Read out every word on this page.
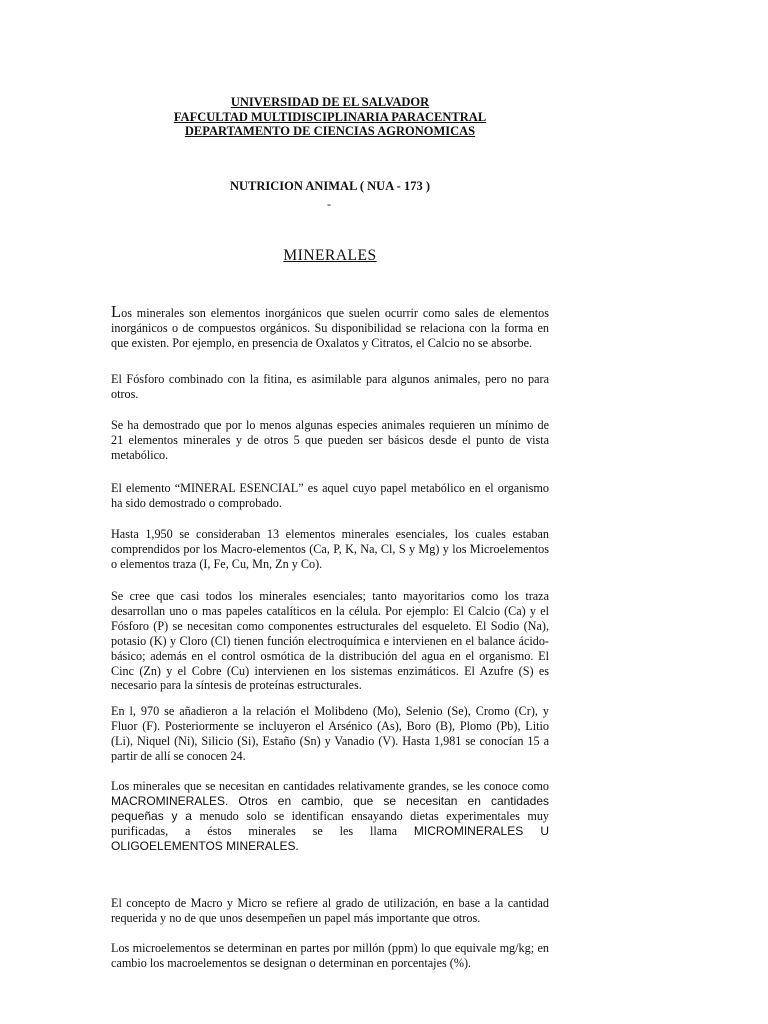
UNIVERSIDAD DE EL SALVADOR
FAFCULTAD MULTIDISCIPLINARIA PARACENTRAL
DEPARTAMENTO DE CIENCIAS AGRONOMICAS
NUTRICION ANIMAL ( NUA - 173 )
-
MINERALES

Los minerales son elementos inorgánicos que suelen ocurrir como sales de elementos inorgánicos o de compuestos orgánicos. Su disponibilidad se relaciona con la forma en que existen. Por ejemplo, en presencia de Oxalatos y Citratos, el Calcio no se absorbe.

El Fósforo combinado con la fitina, es asimilable para algunos animales, pero no para otros.

Se ha demostrado que por lo menos algunas especies animales requieren un mínimo de 21 elementos minerales y de otros 5 que pueden ser básicos desde el punto de vista metabólico.

El elemento “MINERAL ESENCIAL” es aquel cuyo papel metabólico en el organismo ha sido demostrado o comprobado.

Hasta 1,950 se consideraban 13 elementos minerales esenciales, los cuales estaban comprendidos por los Macro-elementos (Ca, P, K, Na, Cl, S y Mg) y los Microelementos o elementos traza (I, Fe, Cu, Mn, Zn y Co).

Se cree que casi todos los minerales esenciales; tanto mayoritarios como los traza desarrollan uno o mas papeles catalíticos en la célula. Por ejemplo: El Calcio (Ca) y el Fósforo (P) se necesitan como componentes estructurales del esqueleto. El Sodio (Na), potasio (K) y Cloro (Cl) tienen función electroquímica e intervienen en el balance ácido-básico; además en el control osmótica de la distribución del agua en el organismo. El Cinc (Zn) y el Cobre (Cu) intervienen en los sistemas enzimáticos. El Azufre (S) es necesario para la síntesis de proteínas estructurales.

En l, 970 se añadieron a la relación el Molibdeno (Mo), Selenio (Se), Cromo (Cr), y Fluor (F). Posteriormente se incluyeron el Arsénico (As), Boro (B), Plomo (Pb), Litio (Li), Niquel (Ni), Silicio (Si), Estaño (Sn) y Vanadio (V). Hasta 1,981 se conocían 15 a partir de allí se conocen 24.

Los minerales que se necesitan en cantidades relativamente grandes, se les conoce como MACROMINERALES. Otros en cambio, que se necesitan en cantidades pequeñas y a menudo solo se identifican ensayando dietas experimentales muy purificadas, a éstos minerales se les llama MICROMINERALES U OLIGOELEMENTOS MINERALES.

El concepto de Macro y Micro se refiere al grado de utilización, en base a la cantidad requerida y no de que unos desempeñen un papel más importante que otros.

Los microelementos se determinan en partes por millón (ppm) lo que equivale mg/kg; en cambio los macroelementos se designan o determinan en porcentajes (%).
